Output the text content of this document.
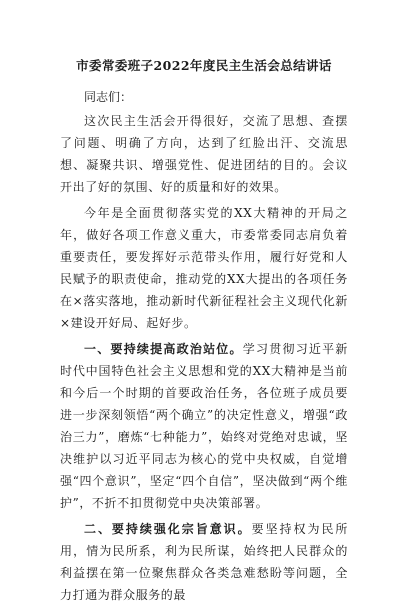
市委常委班子2022年度民主生活会总结讲话

同志们：

这次民主生活会开得很好，交流了思想、查摆了问题、明确了方向，达到了红脸出汗、交流思想、凝聚共识、增强党性、促进团结的目的。会议开出了好的氛围、好的质量和好的效果。

今年是全面贯彻落实党的XX大精神的开局之年，做好各项工作意义重大，市委常委同志肩负着重要责任，要发挥好示范带头作用，履行好党和人民赋予的职责使命，推动党的XX大提出的各项任务在×落实落地，推动新时代新征程社会主义现代化新×建设开好局、起好步。

一、要持续提高政治站位。学习贯彻习近平新时代中国特色社会主义思想和党的XX大精神是当前和今后一个时期的首要政治任务，各位班子成员要进一步深刻领悟“两个确立”的决定性意义，增强“政治三力”，磨炼“七种能力”，始终对党绝对忠诚，坚决维护以习近平同志为核心的党中央权威，自觉增强“四个意识”，坚定“四个自信”，坚决做到“两个维护”，不折不扣贯彻党中央决策部署。

二、要持续强化宗旨意识。要坚持权为民所用，情为民所系，利为民所谋，始终把人民群众的利益摆在第一位聚焦群众各类急难愁盼等问题，全力打通为群众服务的最
